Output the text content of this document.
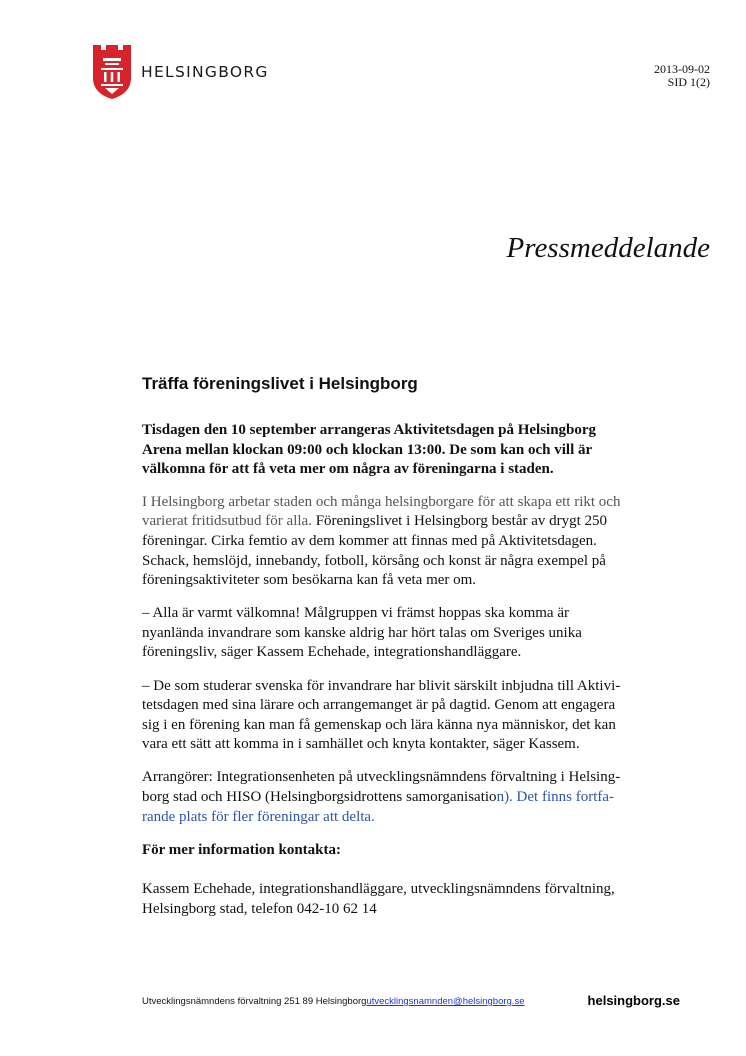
HELSINGBORG	2013-09-02
SID 1(2)
Pressmeddelande
Träffa föreningslivet i Helsingborg

Tisdagen den 10 september arrangeras Aktivitetsdagen på Helsingborg Arena mellan klockan 09:00 och klockan 13:00. De som kan och vill är välkomna för att få veta mer om några av föreningarna i staden.

I Helsingborg arbetar staden och många helsingborgare för att skapa ett rikt och varierat fritidsutbud för alla. Föreningslivet i Helsingborg består av drygt 250 föreningar. Cirka femtio av dem kommer att finnas med på Aktivitetsdagen. Schack, hemslöjd, innebandy, fotboll, körsång och konst är några exempel på föreningsaktiviteter som besökarna kan få veta mer om.

– Alla är varmt välkomna! Målgruppen vi främst hoppas ska komma är nyanlända invandrare som kanske aldrig har hört talas om Sveriges unika föreningsliv, säger Kassem Echehade, integrationshandläggare.

– De som studerar svenska för invandrare har blivit särskilt inbjudna till Aktivi-tetsdagen med sina lärare och arrangemanget är på dagtid. Genom att engagera sig i en förening kan man få gemenskap och lära känna nya människor, det kan vara ett sätt att komma in i samhället och knyta kontakter, säger Kassem.

Arrangörer: Integrationsenheten på utvecklingsnämndens förvaltning i Helsing-borg stad och HISO (Helsingborgsidrottens samorganisation). Det finns fortfa-rande plats för fler föreningar att delta.

För mer information kontakta:

Kassem Echehade, integrationshandläggare, utvecklingsnämndens förvaltning, Helsingborg stad, telefon 042-10 62 14

Utvecklingsnämndens förvaltning 251 89 Helsingborgutvecklingsnamnden@helsingborg.se	helsingborg.se
